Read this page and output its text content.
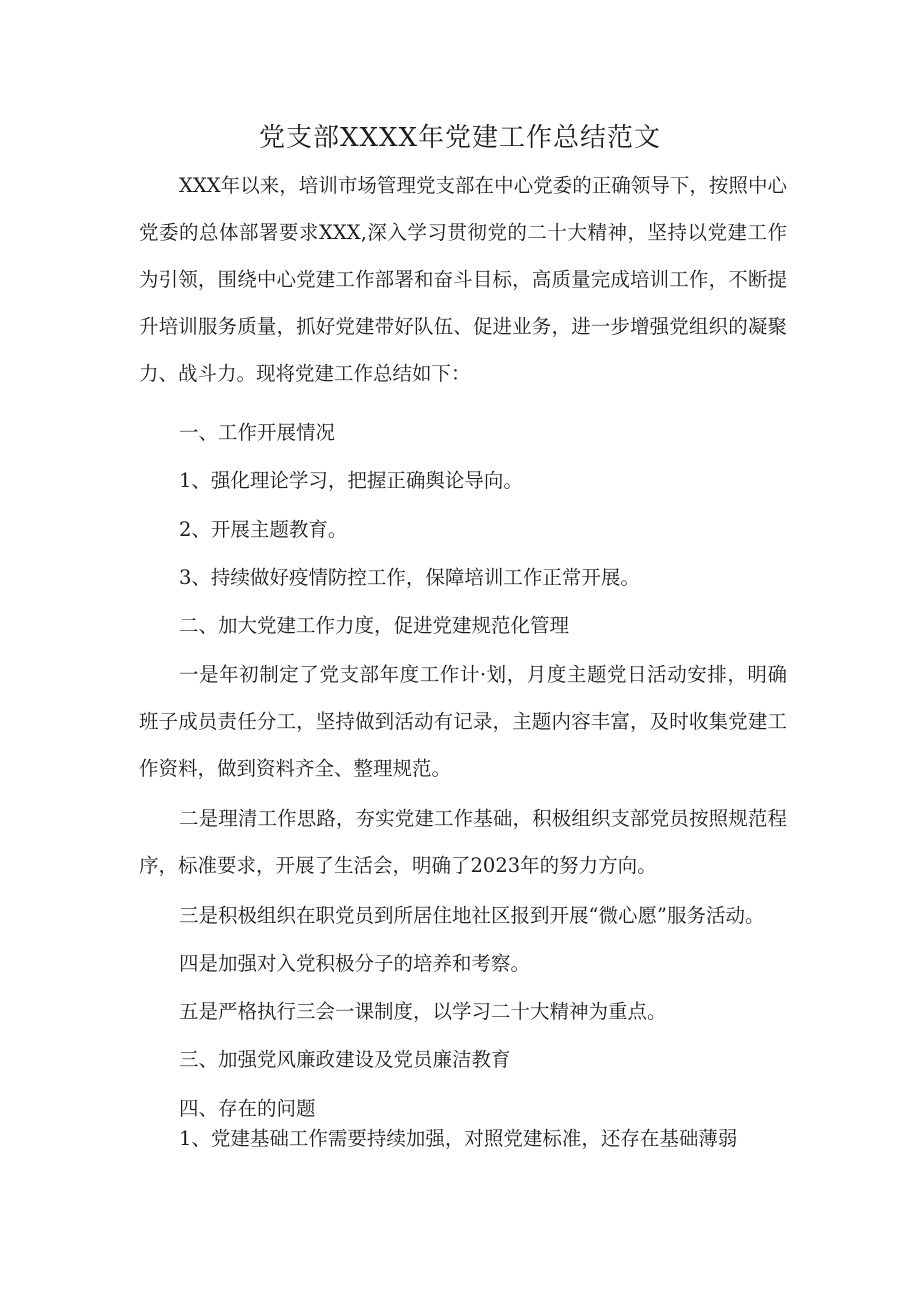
党支部XXXX年党建工作总结范文

XXX年以来，培训市场管理党支部在中心党委的正确领导下，按照中心党委的总体部署要求XXX,深入学习贯彻党的二十大精神，坚持以党建工作为引领，围绕中心党建工作部署和奋斗目标，高质量完成培训工作，不断提升培训服务质量，抓好党建带好队伍、促进业务，进一步增强党组织的凝聚力、战斗力。现将党建工作总结如下：

一、工作开展情况

1、强化理论学习，把握正确舆论导向。

2、开展主题教育。

3、持续做好疫情防控工作，保障培训工作正常开展。

二、加大党建工作力度，促进党建规范化管理

一是年初制定了党支部年度工作计·划，月度主题党日活动安排，明确班子成员责任分工，坚持做到活动有记录，主题内容丰富，及时收集党建工作资料，做到资料齐全、整理规范。

二是理清工作思路，夯实党建工作基础，积极组织支部党员按照规范程序，标准要求，开展了生活会，明确了2023年的努力方向。

三是积极组织在职党员到所居住地社区报到开展“微心愿”服务活动。

四是加强对入党积极分子的培养和考察。

五是严格执行三会一课制度，以学习二十大精神为重点。

三、加强党风廉政建设及党员廉洁教育

四、存在的问题

1、党建基础工作需要持续加强，对照党建标准，还存在基础薄弱
